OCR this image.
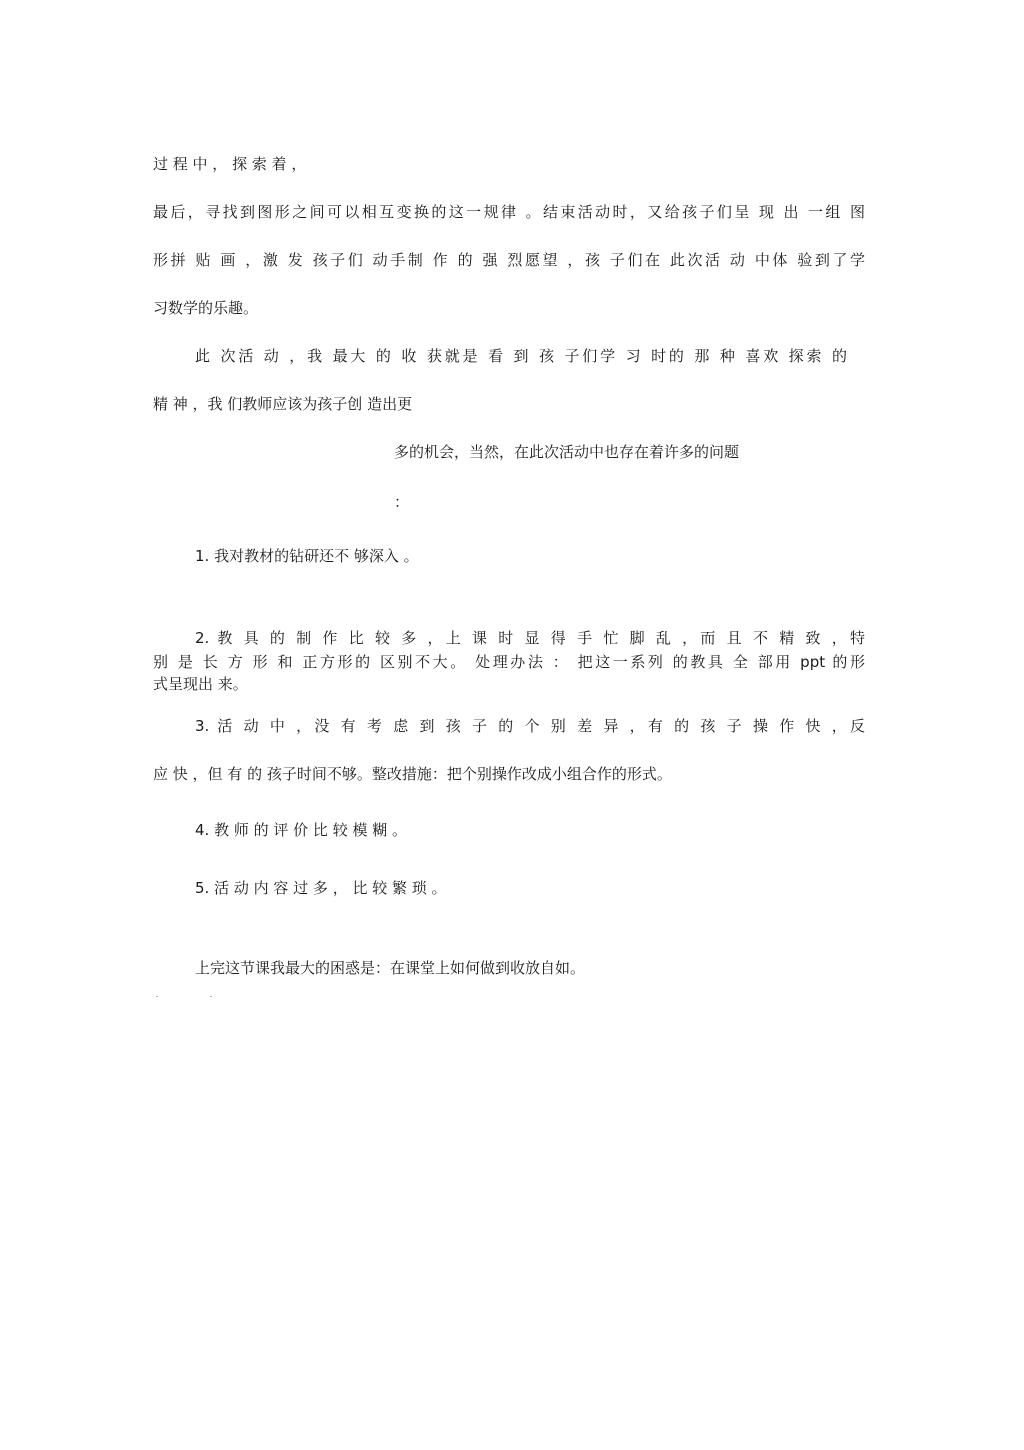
过 程 中 ， 探 索 着 ，
最后，寻找到图形之间可以相互变换的这一规律 。结束活动时，又给孩子们呈 现 出 一组 图
形拼 贴 画 ，激 发 孩子们 动手制 作 的 强 烈愿望 ，孩 子们在 此次活 动 中体 验到了学
习数学的乐趣。
此 次活 动 ，我 最大 的 收 获就是 看 到 孩 子们学 习 时的 那 种 喜欢 探索 的
精 神 ，我 们教师应该为孩子创 造出更
多的机会，当然，在此次活动中也存在着许多的问题
：
1. 我对教材的钻研还不 够深入 。
2. 教 具 的 制 作 比 较 多 ，上 课 时 显 得 手 忙 脚 乱 ，而 且 不 精 致 ，特
别 是 长 方 形 和 正方形的 区别不大。 处理办法 ： 把这一系列 的教具 全 部用 ppt 的形
式呈现出 来。
3. 活 动 中 ，没 有 考 虑 到 孩 子 的 个 别 差 异 ，有 的 孩 子 操 作 快 ，反
应 快 ，但 有 的 孩子时间不够。整改措施：把个别操作改成小组合作的形式。
4. 教 师 的 评 价 比 较 模 糊 。
5. 活 动 内 容 过 多 ， 比 较 繁 琐 。
上完这节课我最大的困惑是：在课堂上如何做到收放自如。
